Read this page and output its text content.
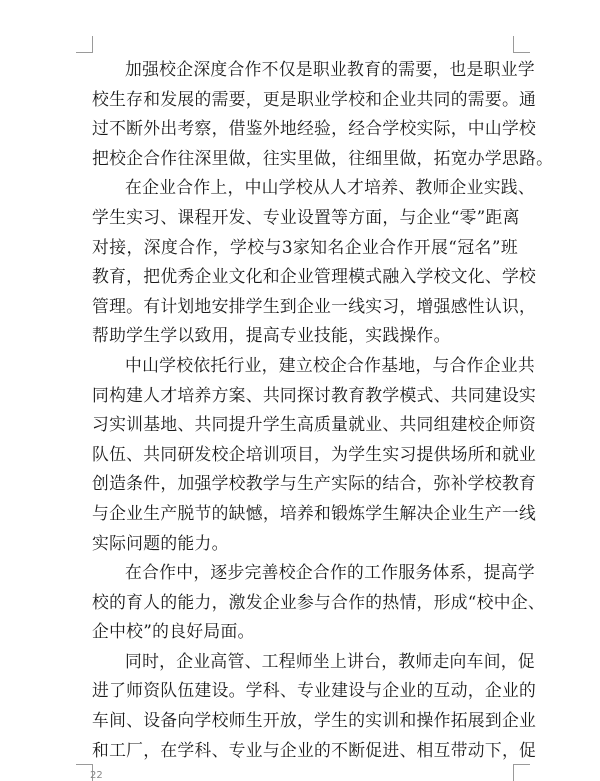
加强校企深度合作不仅是职业教育的需要，也是职业学
校生存和发展的需要，更是职业学校和企业共同的需要。通
过不断外出考察，借鉴外地经验，经合学校实际，中山学校
把校企合作往深里做，往实里做，往细里做，拓宽办学思路。

在企业合作上，中山学校从人才培养、教师企业实践、
学生实习、课程开发、专业设置等方面，与企业“零”距离
对接，深度合作，学校与3家知名企业合作开展“冠名”班
教育，把优秀企业文化和企业管理模式融入学校文化、学校
管理。有计划地安排学生到企业一线实习，增强感性认识，
帮助学生学以致用，提高专业技能，实践操作。

中山学校依托行业，建立校企合作基地，与合作企业共
同构建人才培养方案、共同探讨教育教学模式、共同建设实
习实训基地、共同提升学生高质量就业、共同组建校企师资
队伍、共同研发校企培训项目，为学生实习提供场所和就业
创造条件，加强学校教学与生产实际的结合，弥补学校教育
与企业生产脱节的缺憾，培养和锻炼学生解决企业生产一线
实际问题的能力。

在合作中，逐步完善校企合作的工作服务体系，提高学
校的育人的能力，激发企业参与合作的热情，形成“校中企、
企中校”的良好局面。

同时，企业高管、工程师坐上讲台，教师走向车间，促
进了师资队伍建设。学科、专业建设与企业的互动，企业的
车间、设备向学校师生开放，学生的实训和操作拓展到企业
和工厂，在学科、专业与企业的不断促进、相互带动下，促

22
